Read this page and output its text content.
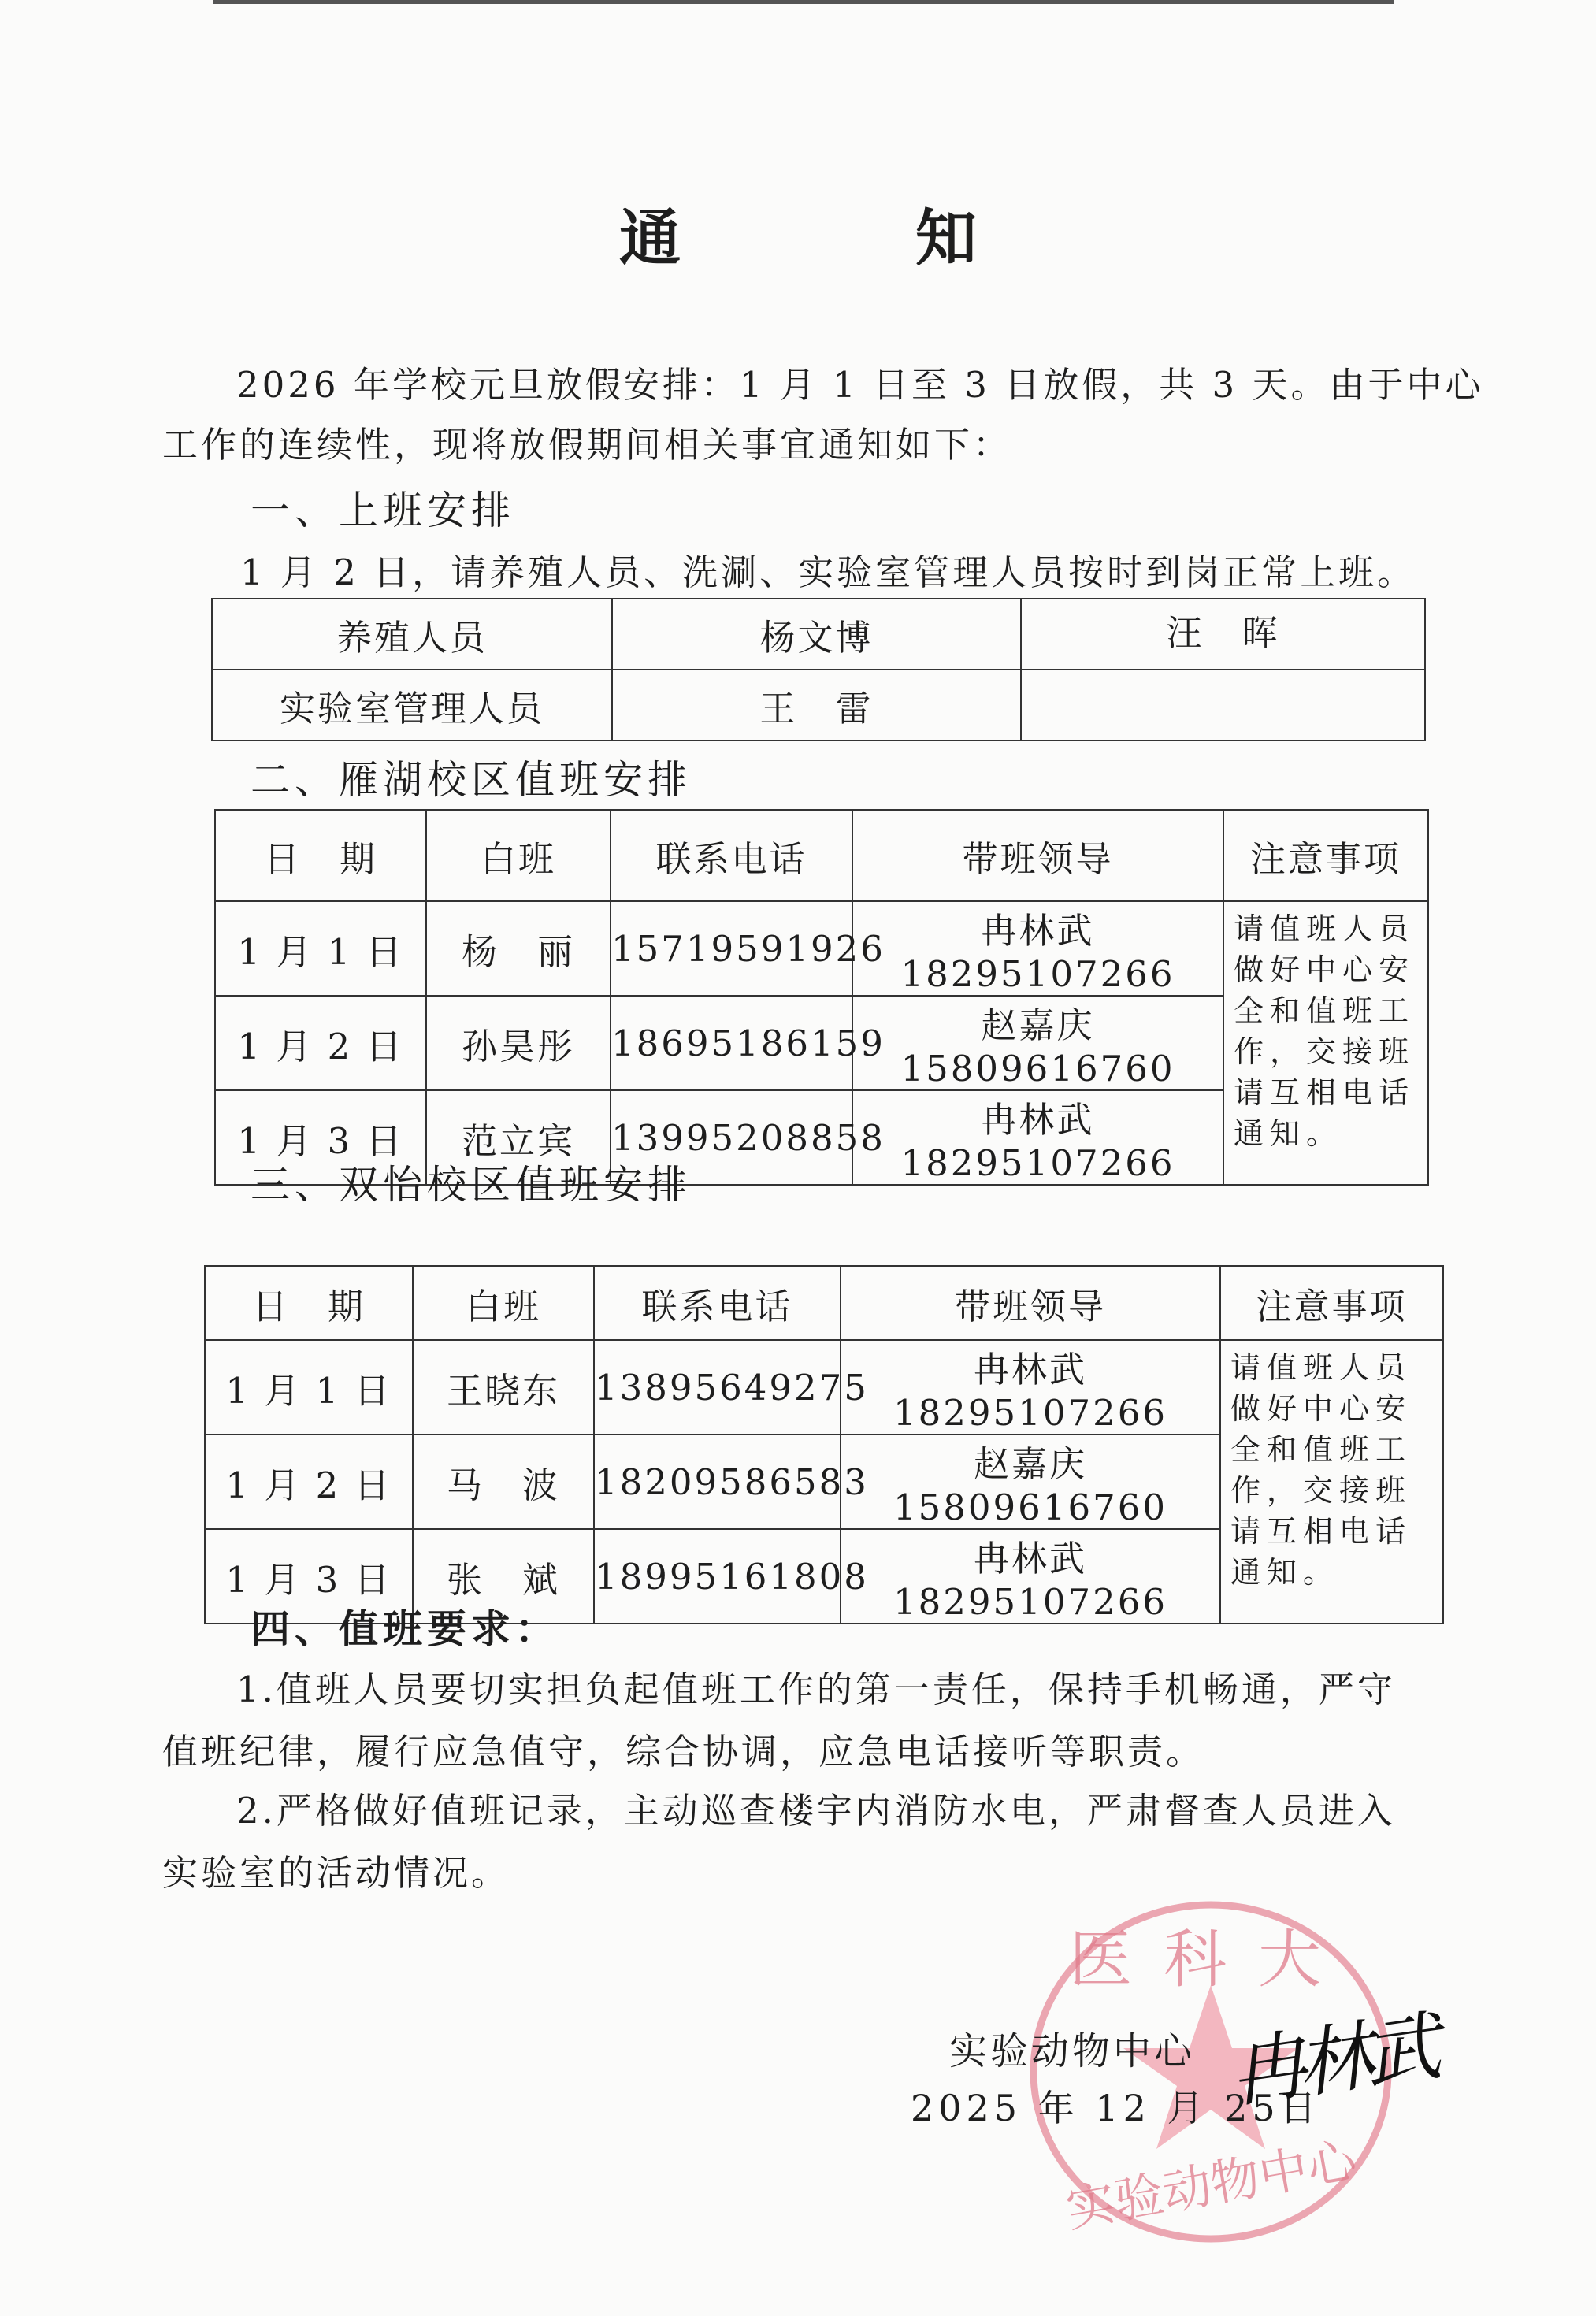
通　知
2026 年学校元旦放假安排：1 月 1 日至 3 日放假，共 3 天。由于中心
工作的连续性，现将放假期间相关事宜通知如下：
一、上班安排
1 月 2 日，请养殖人员、洗涮、实验室管理人员按时到岗正常上班。
养殖人员	杨文博	汪　晖
实验室管理人员	王　雷	
二、雁湖校区值班安排
日　期	白班	联系电话	带班领导	注意事项
1 月 1 日	杨　丽	15719591926	冉林武 18295107266	请值班人员做好中心安全和值班工作，交接班请互相电话通知。
1 月 2 日	孙昊彤	18695186159	赵嘉庆 15809616760	
1 月 3 日	范立宾	13995208858	冉林武 18295107266	
三、双怡校区值班安排
日　期	白班	联系电话	带班领导	注意事项
1 月 1 日	王晓东	13895649275	冉林武 18295107266	请值班人员做好中心安全和值班工作，交接班请互相电话通知。
1 月 2 日	马　波	18209586583	赵嘉庆 15809616760	
1 月 3 日	张　斌	18995161808	冉林武 18295107266	
四、值班要求：
1.值班人员要切实担负起值班工作的第一责任，保持手机畅通，严守
值班纪律，履行应急值守，综合协调，应急电话接听等职责。
2.严格做好值班记录，主动巡查楼宇内消防水电，严肃督查人员进入
实验室的活动情况。
医科大
实验动物中心
实验动物中心
2025 年 12 月 25日
冉林武
